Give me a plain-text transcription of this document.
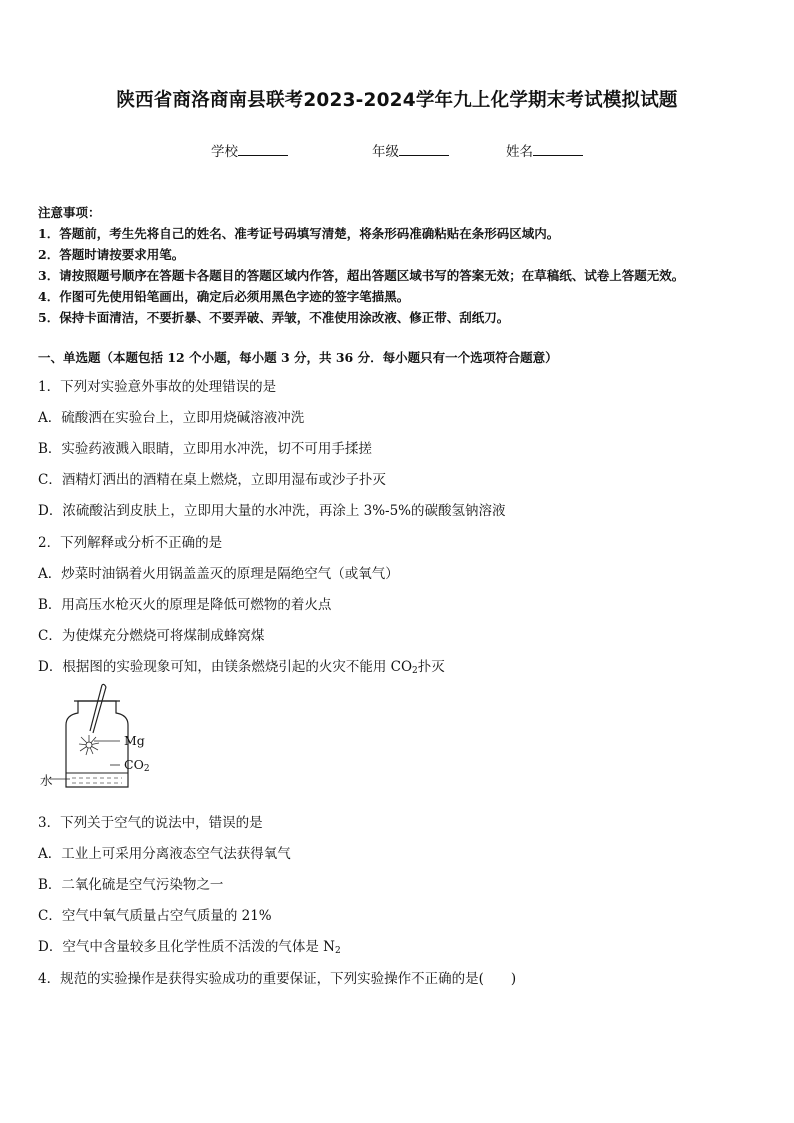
陕西省商洛商南县联考2023-2024学年九上化学期末考试模拟试题
学校	年级	姓名
注意事项：
1．答题前，考生先将自己的姓名、准考证号码填写清楚，将条形码准确粘贴在条形码区域内。
2．答题时请按要求用笔。
3．请按照题号顺序在答题卡各题目的答题区域内作答，超出答题区域书写的答案无效；在草稿纸、试卷上答题无效。
4．作图可先使用铅笔画出，确定后必须用黑色字迹的签字笔描黑。
5．保持卡面清洁，不要折暴、不要弄破、弄皱，不准使用涂改液、修正带、刮纸刀。
一、单选题（本题包括 12 个小题，每小题 3 分，共 36 分．每小题只有一个选项符合题意）
1．下列对实验意外事故的处理错误的是
A．硫酸洒在实验台上，立即用烧碱溶液冲洗
B．实验药液溅入眼睛，立即用水冲洗，切不可用手揉搓
C．酒精灯洒出的酒精在桌上燃烧，立即用湿布或沙子扑灭
D．浓硫酸沾到皮肤上，立即用大量的水冲洗，再涂上 3%-5%的碳酸氢钠溶液
2．下列解释或分析不正确的是
A．炒菜时油锅着火用锅盖盖灭的原理是隔绝空气（或氧气）
B．用高压水枪灭火的原理是降低可燃物的着火点
C．为使煤充分燃烧可将煤制成蜂窝煤
D．根据图的实验现象可知，由镁条燃烧引起的火灾不能用 $CO_2$扑灭
Mg
$CO_2$
水
3．下列关于空气的说法中，错误的是
A．工业上可采用分离液态空气法获得氧气
B．二氧化硫是空气污染物之一
C．空气中氧气质量占空气质量的 21%
D．空气中含量较多且化学性质不活泼的气体是 $N_2$
4．规范的实验操作是获得实验成功的重要保证，下列实验操作不正确的是(　　)
